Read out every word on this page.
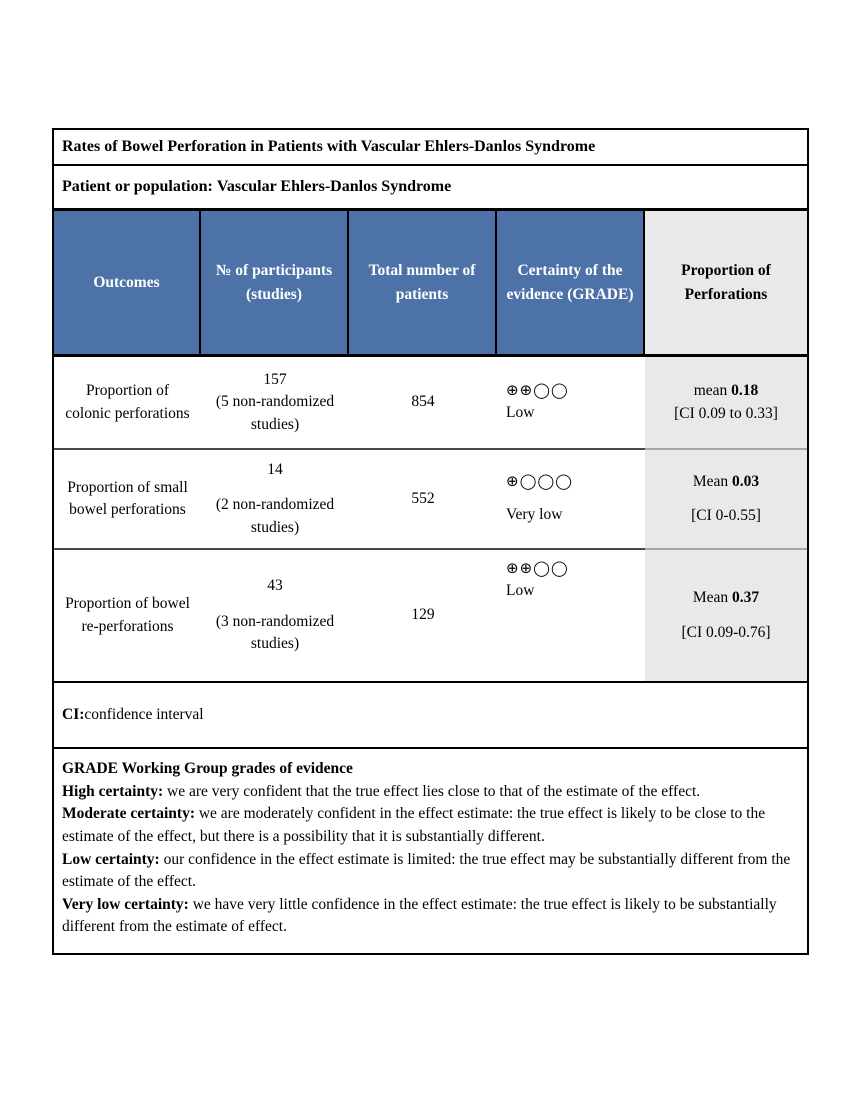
Rates of Bowel Perforation in Patients with Vascular Ehlers-Danlos Syndrome
Patient or population:
Vascular Ehlers-Danlos Syndrome
Outcomes
№ of participants (studies)
Total number of patients
Certainty of the evidence (GRADE)
Proportion of Perforations
Proportion of
colonic perforations
157
(5 non-randomized studies)
854
⊕⊕◯◯
Low
mean 0.18
[CI 0.09 to 0.33]
Proportion of small
bowel perforations
14
(2 non-randomized studies)
552
⊕◯◯◯
Very low
Mean 0.03
[CI 0-0.55]
Proportion of bowel
re-perforations
43
(3 non-randomized studies)
129
⊕⊕◯◯
Low	Mean 0.37
[CI 0.09-0.76]
CI: confidence interval
GRADE Working Group grades of evidence
High certainty: we are very confident that the true effect lies close to that of the estimate of the effect.
Moderate certainty: we are moderately confident in the effect estimate: the true effect is likely to be close to the estimate of the effect, but there is a possibility that it is substantially different.
Low certainty: our confidence in the effect estimate is limited: the true effect may be substantially different from the estimate of the effect.
Very low certainty: we have very little confidence in the effect estimate: the true effect is likely to be substantially different from the estimate of effect.
